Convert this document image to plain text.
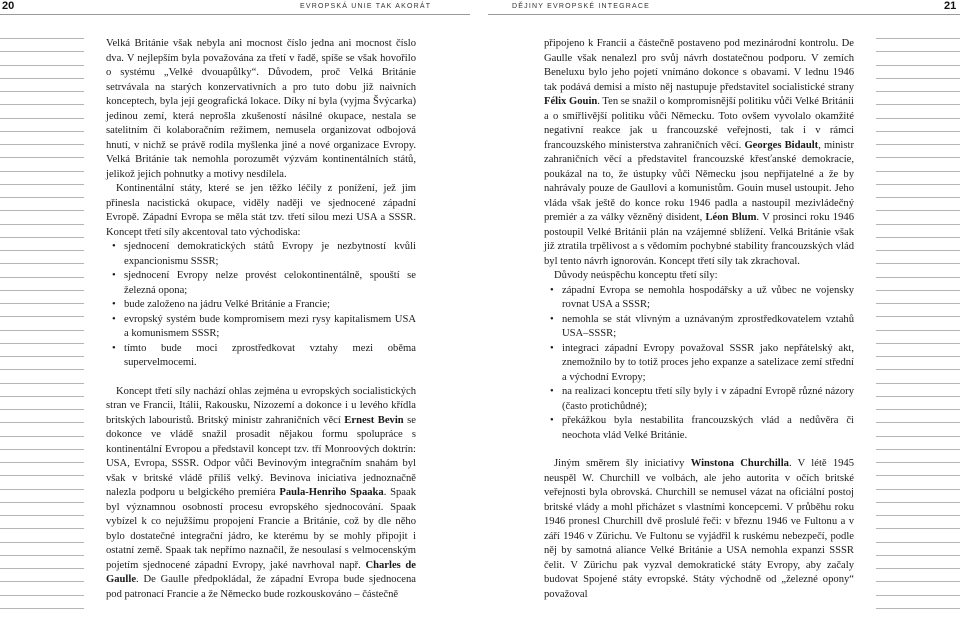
20	EVROPSKÁ UNIE TAK AKORÁT	DĚJINY EVROPSKÉ INTEGRACE	21

Velká Británie však nebyla ani mocnost číslo jedna ani mocnost číslo dva. V nejlepším byla považována za třetí v řadě, spíše se však hovořilo o systému „Velké dvouapůlky“. Důvodem, proč Velká Británie setrvávala na starých konzervativních a pro tuto dobu již naivních konceptech, byla její geografická lokace. Díky ní byla (vyjma Švýcarka) jedinou zemí, která neprošla zkušeností násilné okupace, nestala se satelitním či kolaboračním režimem, nemusela organizovat odbojová hnutí, v nichž se právě rodila myšlenka jiné a nové organizace Evropy. Velká Británie tak nemohla porozumět výzvám kontinentálních států, jelikož jejich pohnutky a motivy nesdílela.

Kontinentální státy, které se jen těžko léčily z ponížení, jež jim přinesla nacistická okupace, viděly naději ve sjednocené západní Evropě. Západní Evropa se měla stát tzv. třetí silou mezi USA a SSSR. Koncept třetí síly akcentoval tato východiska:

• sjednocení demokratických států Evropy je nezbytností kvůli expancionismu SSSR;
• sjednocení Evropy nelze provést celokontinentálně, spouští se železná opona;
• bude založeno na jádru Velké Británie a Francie;
• evropský systém bude kompromisem mezi rysy kapitalismem USA a komunismem SSSR;
• tímto bude moci zprostředkovat vztahy mezi oběma supervelmocemi.

Koncept třetí síly nachází ohlas zejména u evropských socialistických stran ve Francii, Itálii, Rakousku, Nizozemí a dokonce i u levého křídla britských labouristů. Britský ministr zahraničních věcí Ernest Bevin se dokonce ve vládě snažil prosadit nějakou formu spolupráce s kontinentální Evropou a představil koncept tzv. tří Monroových doktrín: USA, Evropa, SSSR. Odpor vůči Bevinovým integračním snahám byl však v britské vládě příliš velký. Bevinova iniciativa jednoznačně nalezla podporu u belgického premiéra Paula-Henriho Spaaka. Spaak byl významnou osobností procesu evropského sjednocování. Spaak vybízel k co nejužšímu propojení Francie a Británie, což by dle něho bylo dostatečné integrační jádro, ke kterému by se mohly připojit i ostatní země. Spaak tak nepřímo naznačil, že nesoulasí s velmocenským pojetím sjednocené západní Evropy, jaké navrhoval např. Charles de Gaulle. De Gaulle předpokládal, že západní Evropa bude sjednocena pod patronací Francie a že Německo bude rozkouskováno – částečně

připojeno k Francii a částečně postaveno pod mezinárodní kontrolu. De Gaulle však nenalezl pro svůj návrh dostatečnou podporu. V zemích Beneluxu bylo jeho pojetí vnímáno dokonce s obavami. V lednu 1946 tak podává demisi a místo něj nastupuje představitel socialistické strany Félix Gouin. Ten se snažil o kompromisnější politiku vůči Velké Británii a o smířlivější politiku vůči Německu. Toto ovšem vyvolalo okamžité negativní reakce jak u francouzské veřejnosti, tak i v rámci francouzského ministerstva zahraničních věcí. Georges Bidault, ministr zahraničních věcí a představitel francouzské křesťanské demokracie, poukázal na to, že ústupky vůči Německu jsou nepřijatelné a že by nahrávaly pouze de Gaullovi a komunistům. Gouin musel ustoupit. Jeho vláda však ještě do konce roku 1946 padla a nastoupil mezivládečný premiér a za války vězněný disident, Léon Blum. V prosinci roku 1946 postoupil Velké Británii plán na vzájemné sblížení. Velká Británie však již ztratila trpělivost a s vědomím pochybné stability francouzských vlád byl tento návrh ignorován. Koncept třetí síly tak zkrachoval.

Důvody neúspěchu konceptu třetí síly:

• západní Evropa se nemohla hospodářsky a už vůbec ne vojensky rovnat USA a SSSR;
• nemohla se stát vlivným a uznávaným zprostředkovatelem vztahů USA–SSSR;
• integraci západní Evropy považoval SSSR jako nepřátelský akt, znemožnilo by to totiž proces jeho expanze a satelizace zemí střední a východní Evropy;
• na realizaci konceptu třetí síly byly i v západní Evropě různé názory (často protichůdné);
• překážkou byla nestabilita francouzských vlád a nedůvěra či neochota vlád Velké Británie.

Jiným směrem šly iniciativy Winstona Churchilla. V létě 1945 neuspěl W. Churchill ve volbách, ale jeho autorita v očích britské veřejnosti byla obrovská. Churchill se nemusel vázat na oficiální postoj britské vlády a mohl přicházet s vlastními koncepcemi. V průběhu roku 1946 pronesl Churchill dvě proslulé řeči: v březnu 1946 ve Fultonu a v září 1946 v Zürichu. Ve Fultonu se vyjádřil k ruskému nebezpečí, podle něj by samotná aliance Velké Británie a USA nemohla expanzi SSSR čelit. V Zürichu pak vyzval demokratické státy Evropy, aby začaly budovat Spojené státy evropské. Státy východně od „železné opony“ považoval
